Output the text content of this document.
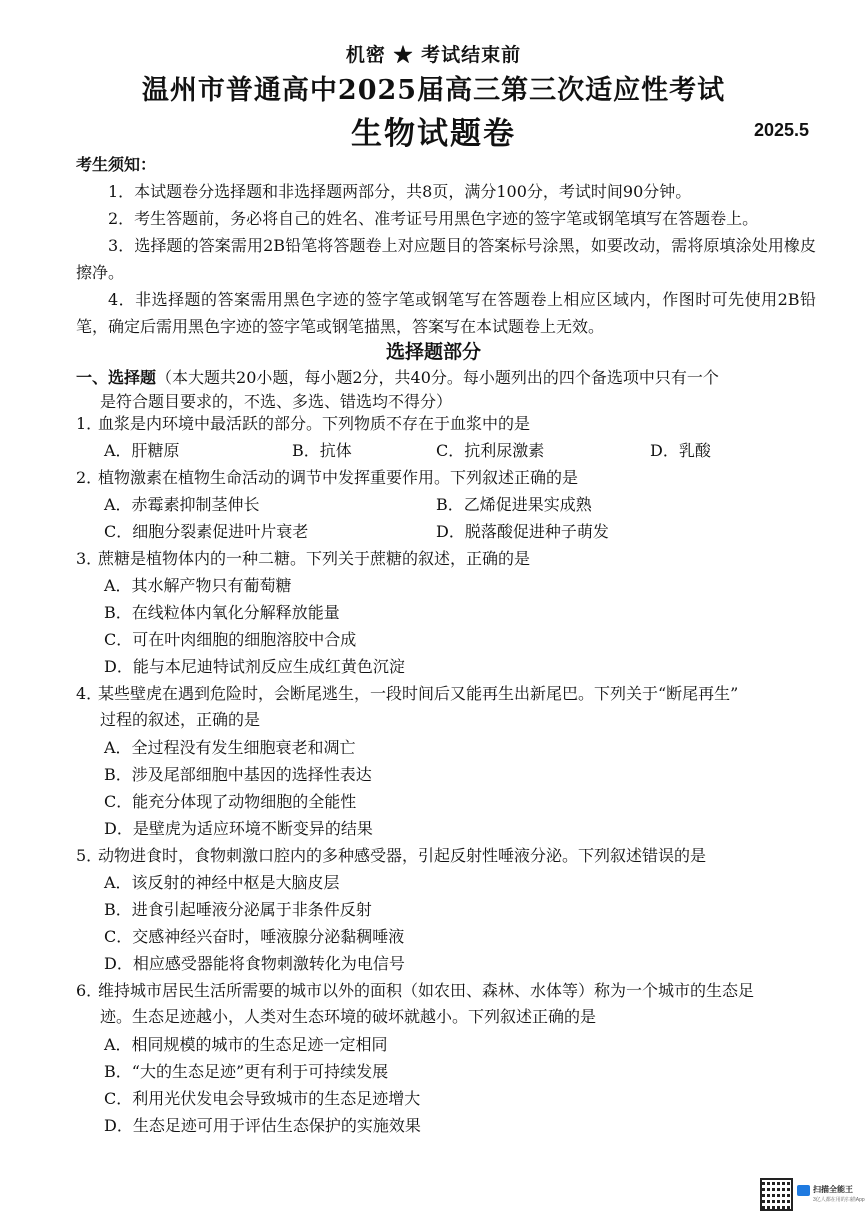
机密 ★ 考试结束前
温州市普通高中2025届高三第三次适应性考试
生物试题卷	2025.5
考生须知：

1．本试题卷分选择题和非选择题两部分，共8页，满分100分，考试时间90分钟。

2．考生答题前，务必将自己的姓名、准考证号用黑色字迹的签字笔或钢笔填写在答题卷上。

3．选择题的答案需用2B铅笔将答题卷上对应题目的答案标号涂黑，如要改动，需将原填涂处用橡皮擦净。

4．非选择题的答案需用黑色字迹的签字笔或钢笔写在答题卷上相应区域内，作图时可先使用2B铅笔，确定后需用黑色字迹的签字笔或钢笔描黑，答案写在本试题卷上无效。

选择题部分
一、选择题（本大题共20小题，每小题2分，共40分。每小题列出的四个备选项中只有一个
是符合题目要求的，不选、多选、错选均不得分）
1．血浆是内环境中最活跃的部分。下列物质不存在于血浆中的是
A．肝糖原	B．抗体	C．抗利尿激素	D．乳酸
2．植物激素在植物生命活动的调节中发挥重要作用。下列叙述正确的是
A．赤霉素抑制茎伸长	B．乙烯促进果实成熟
C．细胞分裂素促进叶片衰老	D．脱落酸促进种子萌发
3．蔗糖是植物体内的一种二糖。下列关于蔗糖的叙述，正确的是
A．其水解产物只有葡萄糖
B．在线粒体内氧化分解释放能量
C．可在叶肉细胞的细胞溶胶中合成
D．能与本尼迪特试剂反应生成红黄色沉淀
4．某些壁虎在遇到危险时，会断尾逃生，一段时间后又能再生出新尾巴。下列关于“断尾再生”
过程的叙述，正确的是
A．全过程没有发生细胞衰老和凋亡
B．涉及尾部细胞中基因的选择性表达
C．能充分体现了动物细胞的全能性
D．是壁虎为适应环境不断变异的结果
5．动物进食时，食物刺激口腔内的多种感受器，引起反射性唾液分泌。下列叙述错误的是
A．该反射的神经中枢是大脑皮层
B．进食引起唾液分泌属于非条件反射
C．交感神经兴奋时，唾液腺分泌黏稠唾液
D．相应感受器能将食物刺激转化为电信号
6．维持城市居民生活所需要的城市以外的面积（如农田、森林、水体等）称为一个城市的生态足
迹。生态足迹越小，人类对生态环境的破坏就越小。下列叙述正确的是
A．相同规模的城市的生态足迹一定相同
B．“大的生态足迹”更有利于可持续发展
C．利用光伏发电会导致城市的生态足迹增大
D．生态足迹可用于评估生态保护的实施效果
扫描全能王
3亿人都在用的扫描App
